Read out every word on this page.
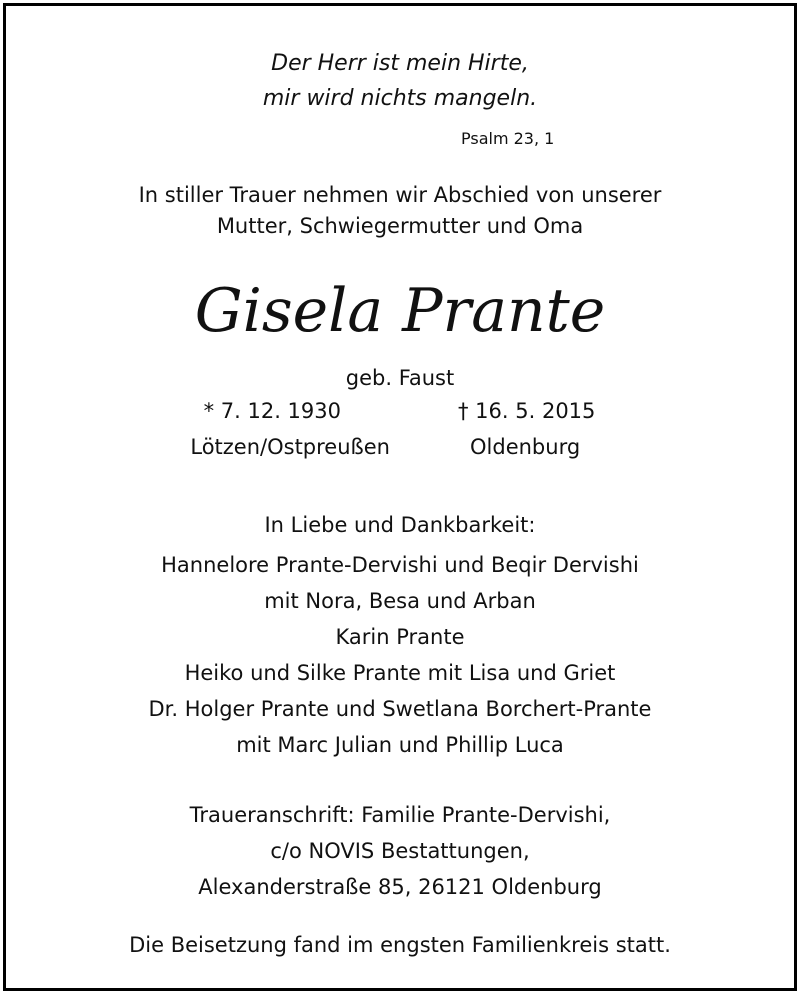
Der Herr ist mein Hirte,
mir wird nichts mangeln.
Psalm 23, 1
In stiller Trauer nehmen wir Abschied von unserer
Mutter, Schwiegermutter und Oma
Gisela Prante
geb. Faust
* 7. 12. 1930	† 16. 5. 2015
Lötzen/Ostpreußen	Oldenburg
In Liebe und Dankbarkeit:
Hannelore Prante-Dervishi und Beqir Dervishi
mit Nora, Besa und Arban
Karin Prante
Heiko und Silke Prante mit Lisa und Griet
Dr. Holger Prante und Swetlana Borchert-Prante
mit Marc Julian und Phillip Luca
Traueranschrift: Familie Prante-Dervishi,
c/o NOVIS Bestattungen,
Alexanderstraße 85, 26121 Oldenburg
Die Beisetzung fand im engsten Familienkreis statt.
